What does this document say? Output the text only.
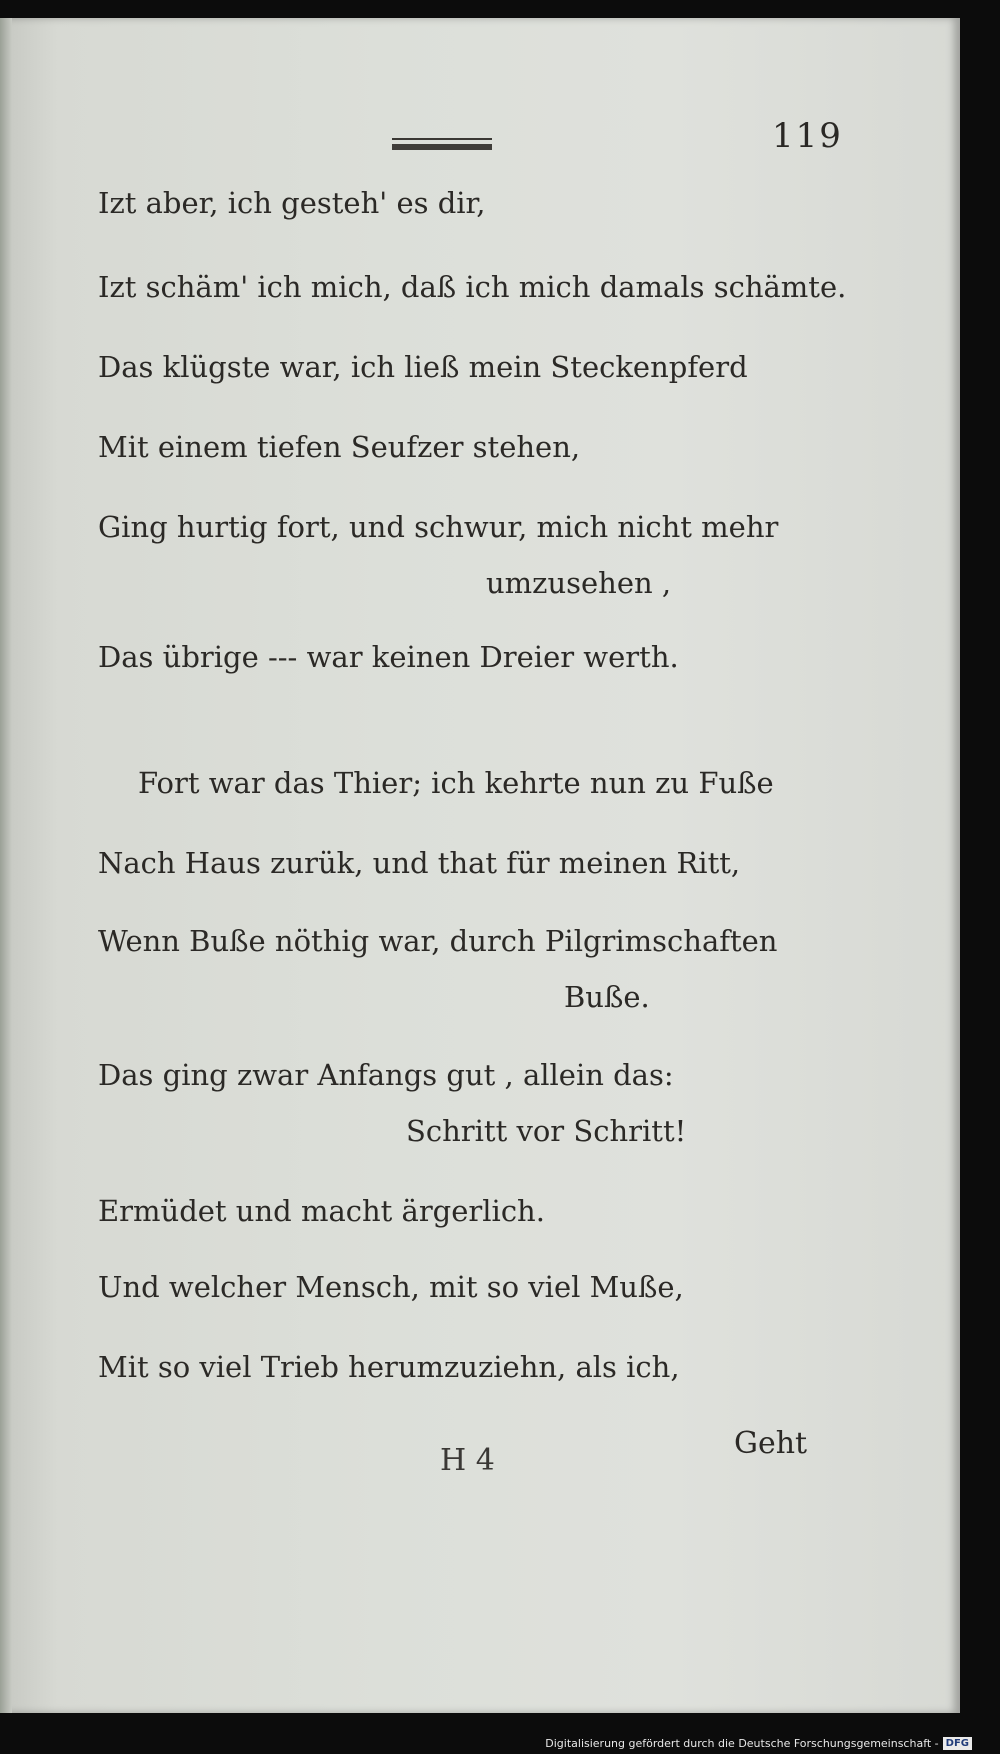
119
Izt aber, ich gesteh' es dir,
Izt schäm' ich mich, daß ich mich damals schämte.
Das klügste war, ich ließ mein Steckenpferd
Mit einem tiefen Seufzer stehen,
Ging hurtig fort, und schwur, mich nicht mehr
umzusehen ,
Das übrige --- war keinen Dreier werth.
Fort war das Thier; ich kehrte nun zu Fuße
Nach Haus zurük, und that für meinen Ritt,
Wenn Buße nöthig war, durch Pilgrimschaften
Buße.
Das ging zwar Anfangs gut , allein das:
Schritt vor Schritt!
Ermüdet und macht ärgerlich.
Und welcher Mensch, mit so viel Muße,
Mit so viel Trieb herumzuziehn, als ich,
H 4	Geht
Digitalisierung gefördert durch die Deutsche Forschungsgemeinschaft - DFG
